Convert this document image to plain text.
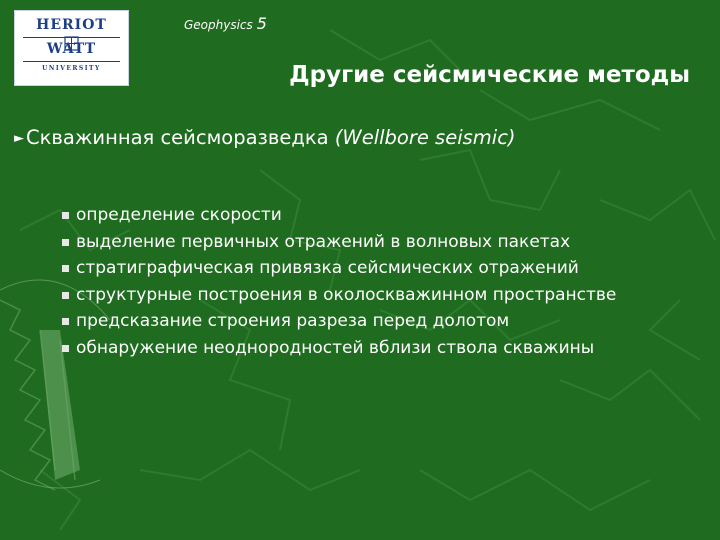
HERIOT
WATT
UNIVERSITY
Geophysics 5
Другие сейсмические методы
► Скважинная сейсморазведка (Wellbore seismic)
определение скорости
выделение первичных отражений в волновых пакетах
стратиграфическая привязка сейсмических отражений
структурные построения в околоскважинном пространстве
предсказание строения разреза перед долотом
обнаружение неоднородностей вблизи ствола скважины
